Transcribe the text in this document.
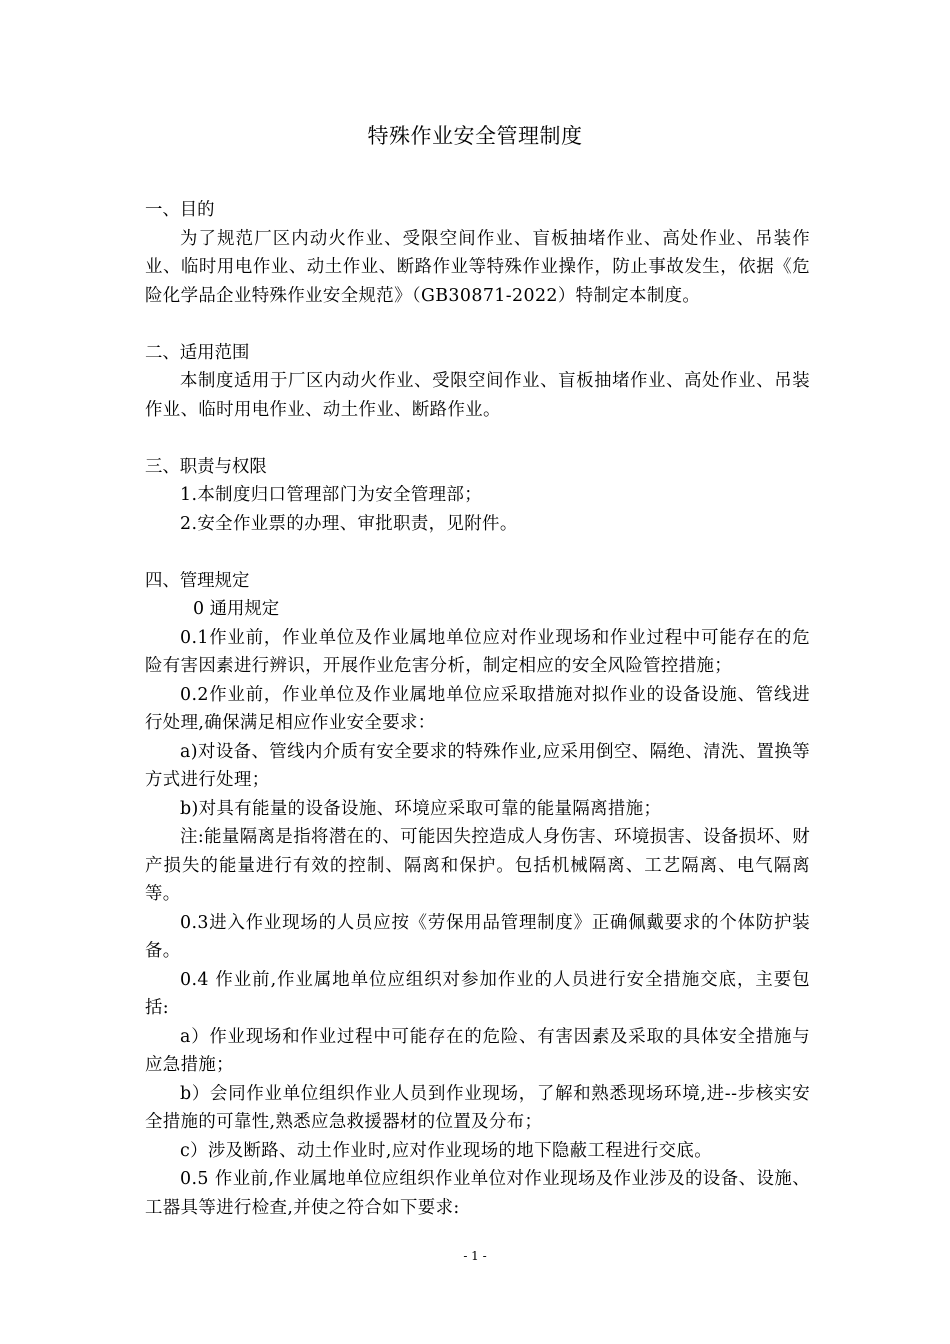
特殊作业安全管理制度

一、目的

为了规范厂区内动火作业、受限空间作业、盲板抽堵作业、高处作业、吊装作业、临时用电作业、动土作业、断路作业等特殊作业操作，防止事故发生，依据《危险化学品企业特殊作业安全规范》（GB30871-2022）特制定本制度。

二、适用范围

本制度适用于厂区内动火作业、受限空间作业、盲板抽堵作业、高处作业、吊装作业、临时用电作业、动土作业、断路作业。

三、职责与权限

1.本制度归口管理部门为安全管理部；

2.安全作业票的办理、审批职责，见附件。

四、管理规定

0 通用规定

0.1作业前，作业单位及作业属地单位应对作业现场和作业过程中可能存在的危险有害因素进行辨识，开展作业危害分析，制定相应的安全风险管控措施；

0.2作业前，作业单位及作业属地单位应采取措施对拟作业的设备设施、管线进行处理,确保满足相应作业安全要求：

a)对设备、管线内介质有安全要求的特殊作业,应采用倒空、隔绝、清洗、置换等方式进行处理；

b)对具有能量的设备设施、环境应采取可靠的能量隔离措施；

注:能量隔离是指将潜在的、可能因失控造成人身伤害、环境损害、设备损坏、财产损失的能量进行有效的控制、隔离和保护。包括机械隔离、工艺隔离、电气隔离等。

0.3进入作业现场的人员应按《劳保用品管理制度》正确佩戴要求的个体防护装备。

0.4 作业前,作业属地单位应组织对参加作业的人员进行安全措施交底，主要包括:

a）作业现场和作业过程中可能存在的危险、有害因素及采取的具体安全措施与应急措施；

b）会同作业单位组织作业人员到作业现场，了解和熟悉现场环境,进--步核实安全措施的可靠性,熟悉应急救援器材的位置及分布；

c）涉及断路、动土作业时,应对作业现场的地下隐蔽工程进行交底。

0.5 作业前,作业属地单位应组织作业单位对作业现场及作业涉及的设备、设施、工器具等进行检查,并使之符合如下要求:

- 1 -
